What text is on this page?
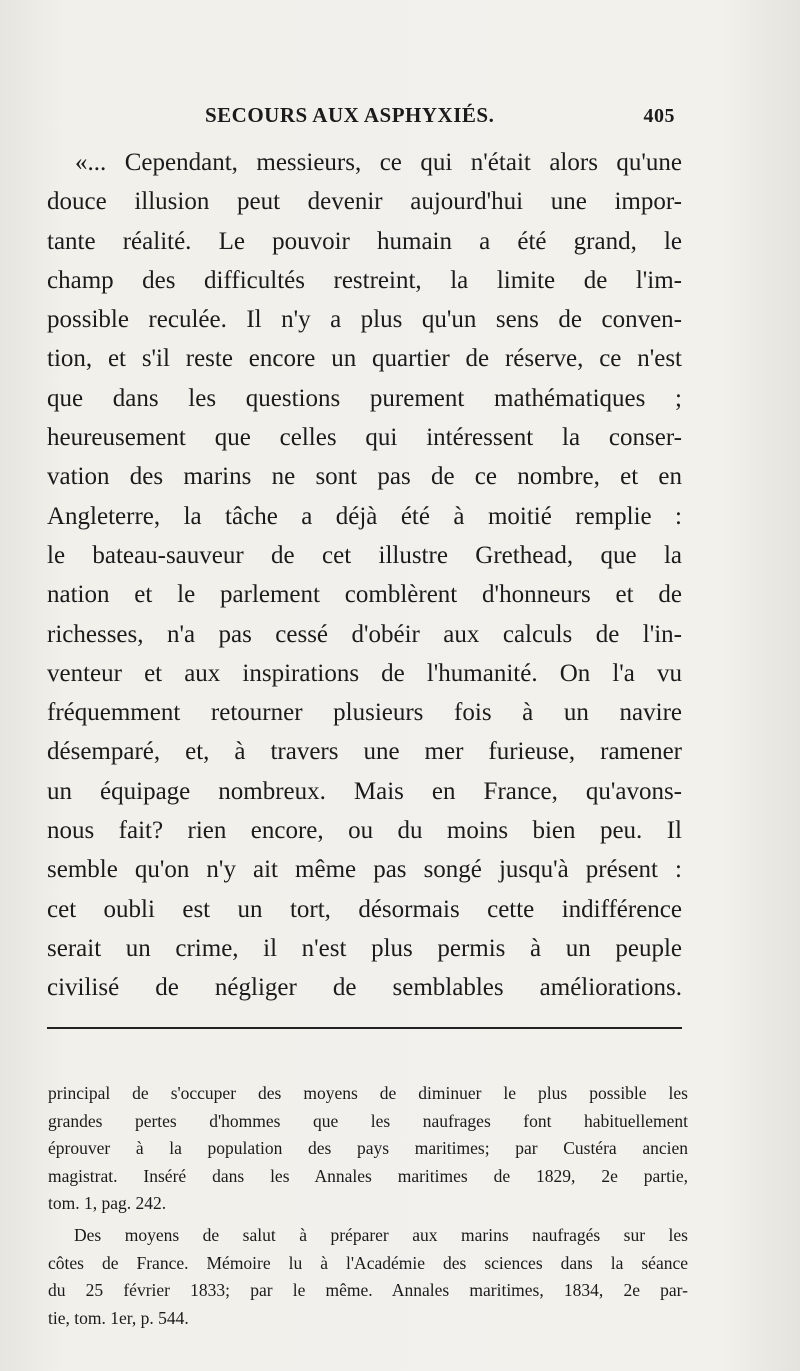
SECOURS AUX ASPHYXIÉS.	405
«... Cependant, messieurs, ce qui n'était alors qu'une
douce illusion peut devenir aujourd'hui une impor-
tante réalité. Le pouvoir humain a été grand, le
champ des difficultés restreint, la limite de l'im-
possible reculée. Il n'y a plus qu'un sens de conven-
tion, et s'il reste encore un quartier de réserve, ce n'est
que dans les questions purement mathématiques ;
heureusement que celles qui intéressent la conser-
vation des marins ne sont pas de ce nombre, et en
Angleterre, la tâche a déjà été à moitié remplie :
le bateau-sauveur de cet illustre Grethead, que la
nation et le parlement comblèrent d'honneurs et de
richesses, n'a pas cessé d'obéir aux calculs de l'in-
venteur et aux inspirations de l'humanité. On l'a vu
fréquemment retourner plusieurs fois à un navire
désemparé, et, à travers une mer furieuse, ramener
un équipage nombreux. Mais en France, qu'avons-
nous fait? rien encore, ou du moins bien peu. Il
semble qu'on n'y ait même pas songé jusqu'à présent :
cet oubli est un tort, désormais cette indifférence
serait un crime, il n'est plus permis à un peuple
civilisé de négliger de semblables améliorations.
principal de s'occuper des moyens de diminuer le plus possible les
grandes pertes d'hommes que les naufrages font habituellement
éprouver à la population des pays maritimes; par Custéra ancien
magistrat. Inséré dans les Annales maritimes de 1829, 2e partie,
tom. 1, pag. 242.
Des moyens de salut à préparer aux marins naufragés sur les
côtes de France. Mémoire lu à l'Académie des sciences dans la séance
du 25 février 1833; par le même. Annales maritimes, 1834, 2e par-
tie, tom. 1er, p. 544.
